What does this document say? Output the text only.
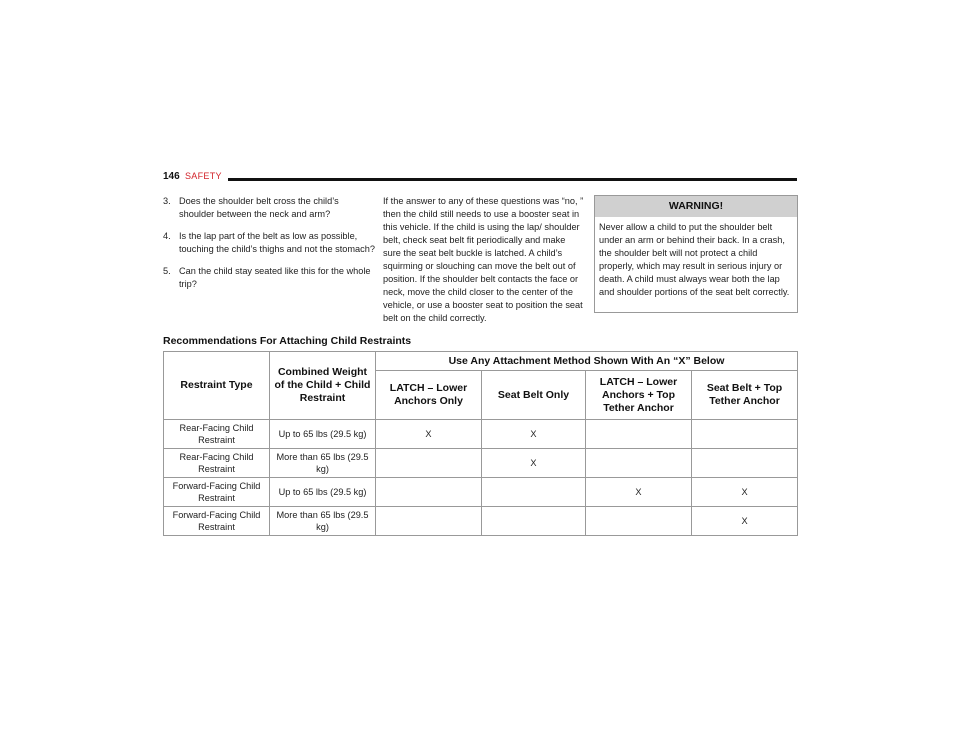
146 SAFETY
3. Does the shoulder belt cross the child’s shoulder between the neck and arm?
4. Is the lap part of the belt as low as possible, touching the child’s thighs and not the stomach?
5. Can the child stay seated like this for the whole trip?
If the answer to any of these questions was “no, ” then the child still needs to use a booster seat in this vehicle. If the child is using the lap/ shoulder belt, check seat belt fit periodically and make sure the seat belt buckle is latched. A child’s squirming or slouching can move the belt out of position. If the shoulder belt contacts the face or neck, move the child closer to the center of the vehicle, or use a booster seat to position the seat belt on the child correctly.
WARNING!
Never allow a child to put the shoulder belt under an arm or behind their back. In a crash, the shoulder belt will not protect a child properly, which may result in serious injury or death. A child must always wear both the lap and shoulder portions of the seat belt correctly.
Recommendations For Attaching Child Restraints
Restraint Type	Combined Weight of the Child + Child Restraint	Use Any Attachment Method Shown With An “X” Below			
		LATCH – Lower Anchors Only	Seat Belt Only	LATCH – Lower Anchors + Top Tether Anchor	Seat Belt + Top Tether Anchor
Rear-Facing Child Restraint	Up to 65 lbs (29.5 kg)	X	X		
Rear-Facing Child Restraint	More than 65 lbs (29.5 kg)		X		
Forward-Facing Child Restraint	Up to 65 lbs (29.5 kg)			X	X
Forward-Facing Child Restraint	More than 65 lbs (29.5 kg)				X
